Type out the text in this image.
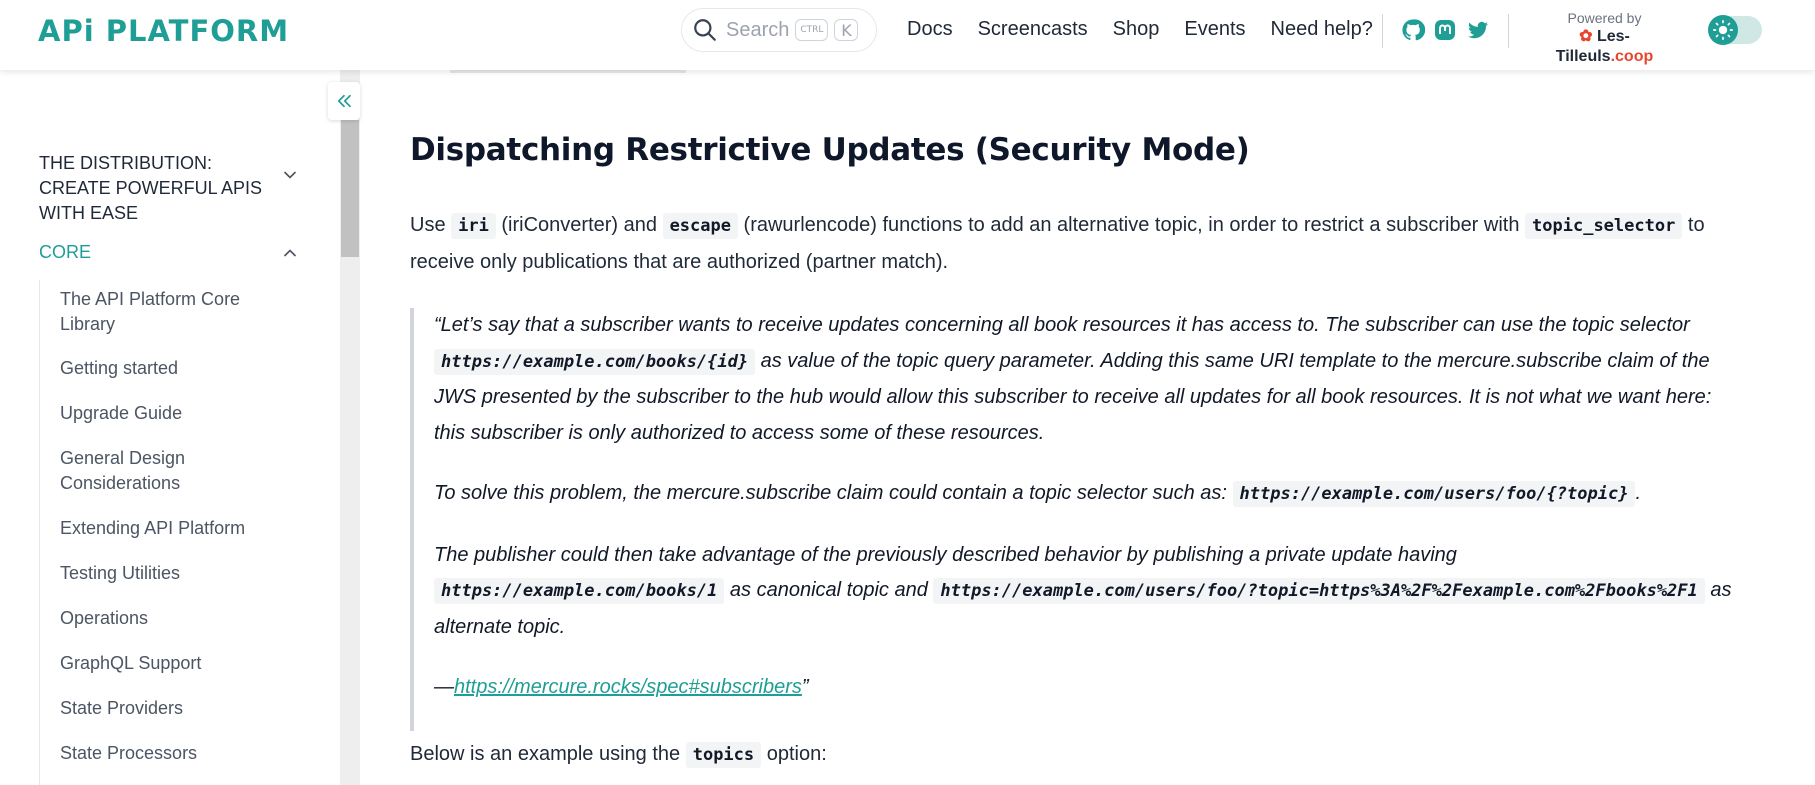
APi PLATFORM	Search	CTRL	K	Docs Screencasts Shop Events Need help?	Powered by
✿ Les-Tilleuls.coop
THE DISTRIBUTION: CREATE POWERFUL APIS WITH EASE
CORE
The API Platform Core Library
Getting started
Upgrade Guide
General Design Considerations
Extending API Platform
Testing Utilities
Operations
GraphQL Support
State Providers
State Processors
Dispatching Restrictive Updates (Security Mode)

Use iri (iriConverter) and escape (rawurlencode) functions to add an alternative topic, in order to restrict a subscriber with topic_selector to receive only publications that are authorized (partner match).

“Let’s say that a subscriber wants to receive updates concerning all book resources it has access to. The subscriber can use the topic selector https://example.com/books/{id} as value of the topic query parameter. Adding this same URI template to the mercure.subscribe claim of the JWS presented by the subscriber to the hub would allow this subscriber to receive all updates for all book resources. It is not what we want here: this subscriber is only authorized to access some of these resources.

To solve this problem, the mercure.subscribe claim could contain a topic selector such as: https://example.com/users/foo/{?topic} .

The publisher could then take advantage of the previously described behavior by publishing a private update having https://example.com/books/1 as canonical topic and https://example.com/users/foo/?topic=https%3A%2F%2Fexample.com%2Fbooks%2F1 as alternate topic.

—https://mercure.rocks/spec#subscribers”

Below is an example using the topics option:
